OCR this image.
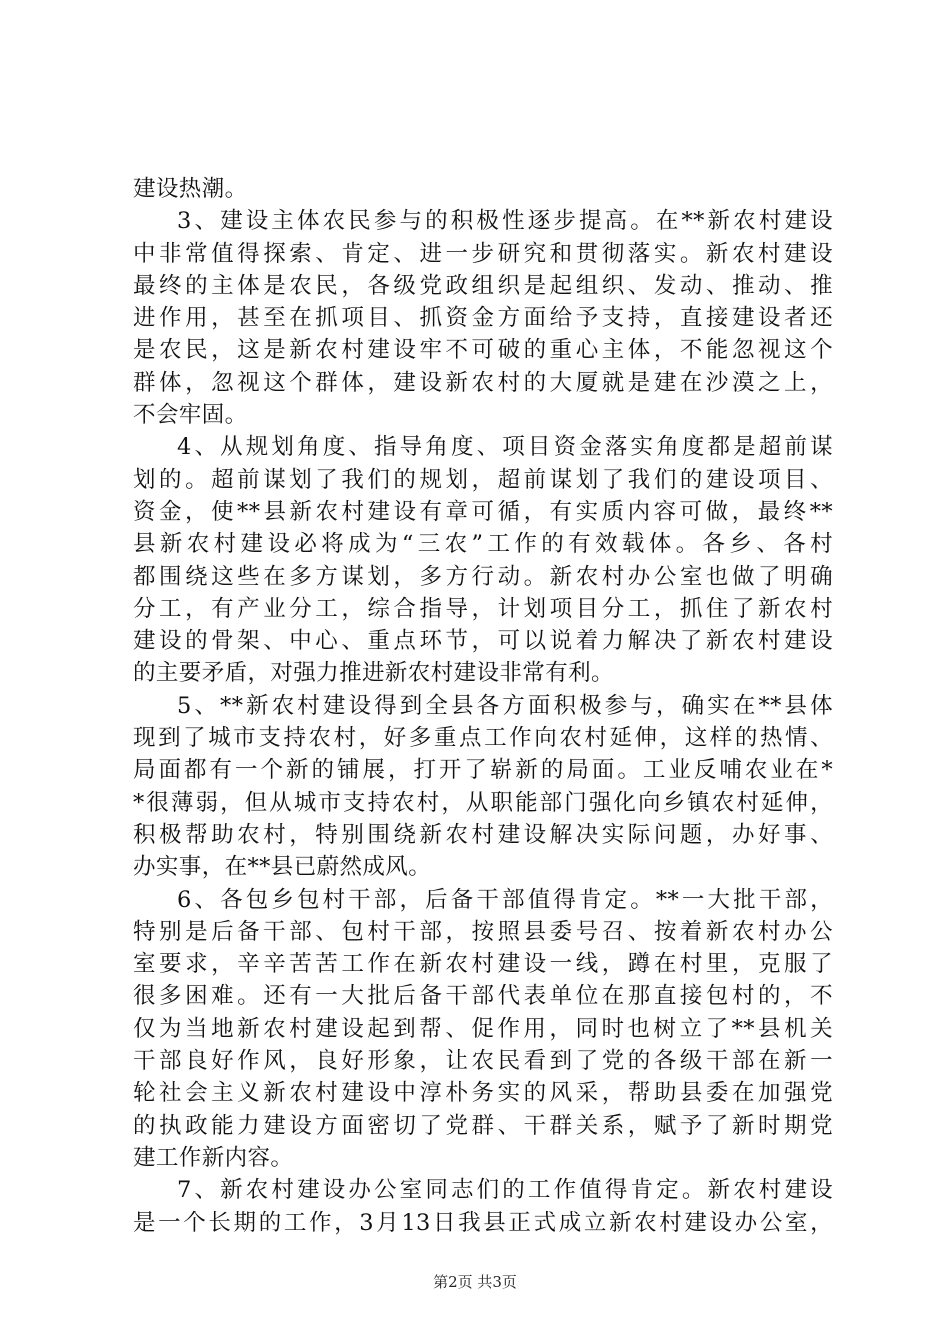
建设热潮。
3、建设主体农民参与的积极性逐步提高。在**新农村建设
中非常值得探索、肯定、进一步研究和贯彻落实。新农村建设
最终的主体是农民，各级党政组织是起组织、发动、推动、推
进作用，甚至在抓项目、抓资金方面给予支持，直接建设者还
是农民，这是新农村建设牢不可破的重心主体，不能忽视这个
群体，忽视这个群体，建设新农村的大厦就是建在沙漠之上，
不会牢固。
4、从规划角度、指导角度、项目资金落实角度都是超前谋
划的。超前谋划了我们的规划，超前谋划了我们的建设项目、
资金，使**县新农村建设有章可循，有实质内容可做，最终**
县新农村建设必将成为“三农”工作的有效载体。各乡、各村
都围绕这些在多方谋划，多方行动。新农村办公室也做了明确
分工，有产业分工，综合指导，计划项目分工，抓住了新农村
建设的骨架、中心、重点环节，可以说着力解决了新农村建设
的主要矛盾，对强力推进新农村建设非常有利。
5、**新农村建设得到全县各方面积极参与，确实在**县体
现到了城市支持农村，好多重点工作向农村延伸，这样的热情、
局面都有一个新的铺展，打开了崭新的局面。工业反哺农业在*
*很薄弱，但从城市支持农村，从职能部门强化向乡镇农村延伸，
积极帮助农村，特别围绕新农村建设解决实际问题，办好事、
办实事，在**县已蔚然成风。
6、各包乡包村干部，后备干部值得肯定。**一大批干部，
特别是后备干部、包村干部，按照县委号召、按着新农村办公
室要求，辛辛苦苦工作在新农村建设一线，蹲在村里，克服了
很多困难。还有一大批后备干部代表单位在那直接包村的，不
仅为当地新农村建设起到帮、促作用，同时也树立了**县机关
干部良好作风，良好形象，让农民看到了党的各级干部在新一
轮社会主义新农村建设中淳朴务实的风采，帮助县委在加强党
的执政能力建设方面密切了党群、干群关系，赋予了新时期党
建工作新内容。
7、新农村建设办公室同志们的工作值得肯定。新农村建设
是一个长期的工作，3月13日我县正式成立新农村建设办公室，
第2页 共3页
